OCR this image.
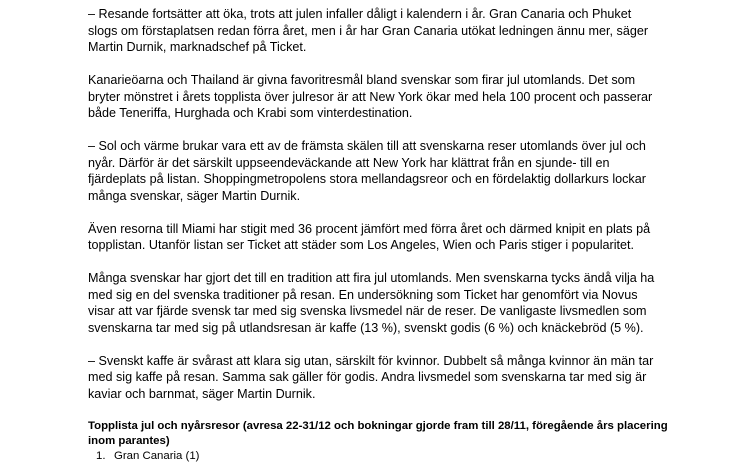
– Resande fortsätter att öka, trots att julen infaller dåligt i kalendern i år. Gran Canaria och Phuket
slogs om förstaplatsen redan förra året, men i år har Gran Canaria utökat ledningen ännu mer, säger
Martin Durnik, marknadschef på Ticket.

Kanarieöarna och Thailand är givna favoritresmål bland svenskar som firar jul utomlands. Det som
bryter mönstret i årets topplista över julresor är att New York ökar med hela 100 procent och passerar
både Teneriffa, Hurghada och Krabi som vinterdestination.

– Sol och värme brukar vara ett av de främsta skälen till att svenskarna reser utomlands över jul och
nyår. Därför är det särskilt uppseendeväckande att New York har klättrat från en sjunde- till en
fjärdeplats på listan. Shoppingmetropolens stora mellandagsreor och en fördelaktig dollarkurs lockar
många svenskar, säger Martin Durnik.

Även resorna till Miami har stigit med 36 procent jämfört med förra året och därmed knipit en plats på
topplistan. Utanför listan ser Ticket att städer som Los Angeles, Wien och Paris stiger i popularitet.

Många svenskar har gjort det till en tradition att fira jul utomlands. Men svenskarna tycks ändå vilja ha
med sig en del svenska traditioner på resan. En undersökning som Ticket har genomfört via Novus
visar att var fjärde svensk tar med sig svenska livsmedel när de reser. De vanligaste livsmedlen som
svenskarna tar med sig på utlandsresan är kaffe (13 %), svenskt godis (6 %) och knäckebröd (5 %).

– Svenskt kaffe är svårast att klara sig utan, särskilt för kvinnor. Dubbelt så många kvinnor än män tar
med sig kaffe på resan. Samma sak gäller för godis. Andra livsmedel som svenskarna tar med sig är
kaviar och barnmat, säger Martin Durnik.

Topplista jul och nyårsresor (avresa 22-31/12 och bokningar gjorde fram till 28/11, föregående års placering
inom parantes)

1. Gran Canaria (1)
